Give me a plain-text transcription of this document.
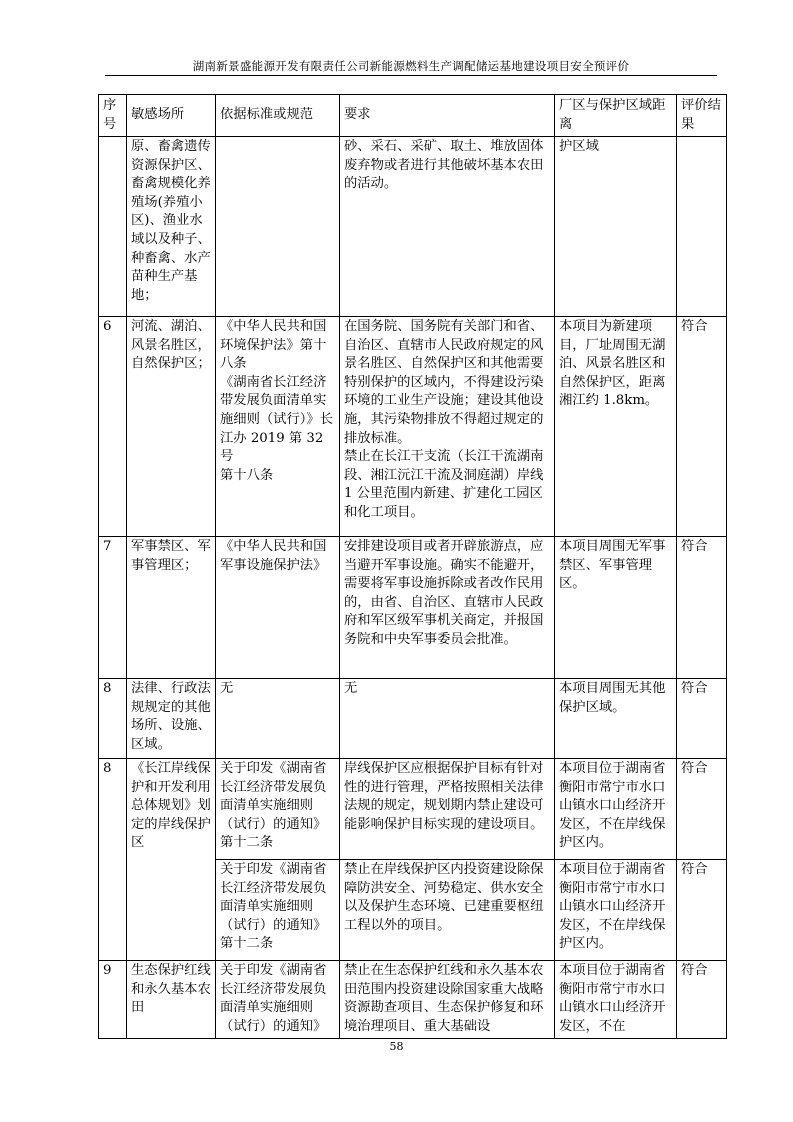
湖南新景盛能源开发有限责任公司新能源燃料生产调配储运基地建设项目安全预评价
序号	敏感场所	依据标准或规范	要求	厂区与保护区域距离	评价结果
	原、畜禽遗传资源保护区、畜禽规模化养殖场(养殖小区)、渔业水域以及种子、种畜禽、水产苗种生产基地；		砂、采石、采矿、取土、堆放固体废弃物或者进行其他破坏基本农田的活动。	护区域	
6	河流、湖泊、风景名胜区，自然保护区；	《中华人民共和国环境保护法》第十八条
《湖南省长江经济带发展负面清单实施细则（试行）》长江办 2019 第 32 号
第十八条	在国务院、国务院有关部门和省、自治区、直辖市人民政府规定的风景名胜区、自然保护区和其他需要特别保护的区域内，不得建设污染环境的工业生产设施；建设其他设施，其污染物排放不得超过规定的排放标准。
禁止在长江干支流（长江干流湖南段、湘江沅江干流及洞庭湖）岸线 1 公里范围内新建、扩建化工园区和化工项目。	本项目为新建项目，厂址周围无湖泊、风景名胜区和自然保护区，距离湘江约 1.8km。	符合
7	军事禁区、军事管理区；	《中华人民共和国军事设施保护法》	安排建设项目或者开辟旅游点，应当避开军事设施。确实不能避开，需要将军事设施拆除或者改作民用的，由省、自治区、直辖市人民政府和军区级军事机关商定，并报国务院和中央军事委员会批准。	本项目周围无军事禁区、军事管理区。	符合
8	法律、行政法规规定的其他场所、设施、区域。	无	无	本项目周围无其他保护区域。	符合
8	《长江岸线保护和开发利用总体规划》划定的岸线保护区	关于印发《湖南省长江经济带发展负面清单实施细则（试行）的通知》第十二条	岸线保护区应根据保护目标有针对性的进行管理，严格按照相关法律法规的规定，规划期内禁止建设可能影响保护目标实现的建设项目。	本项目位于湖南省衡阳市常宁市水口山镇水口山经济开发区，不在岸线保护区内。	符合
		关于印发《湖南省长江经济带发展负面清单实施细则（试行）的通知》第十二条	禁止在岸线保护区内投资建设除保障防洪安全、河势稳定、供水安全以及保护生态环境、已建重要枢纽工程以外的项目。	本项目位于湖南省衡阳市常宁市水口山镇水口山经济开发区，不在岸线保护区内。	符合
9	生态保护红线和永久基本农田	关于印发《湖南省长江经济带发展负面清单实施细则（试行）的通知》	禁止在生态保护红线和永久基本农田范围内投资建设除国家重大战略资源勘查项目、生态保护修复和环境治理项目、重大基础设	本项目位于湖南省衡阳市常宁市水口山镇水口山经济开发区，不在	符合
58
